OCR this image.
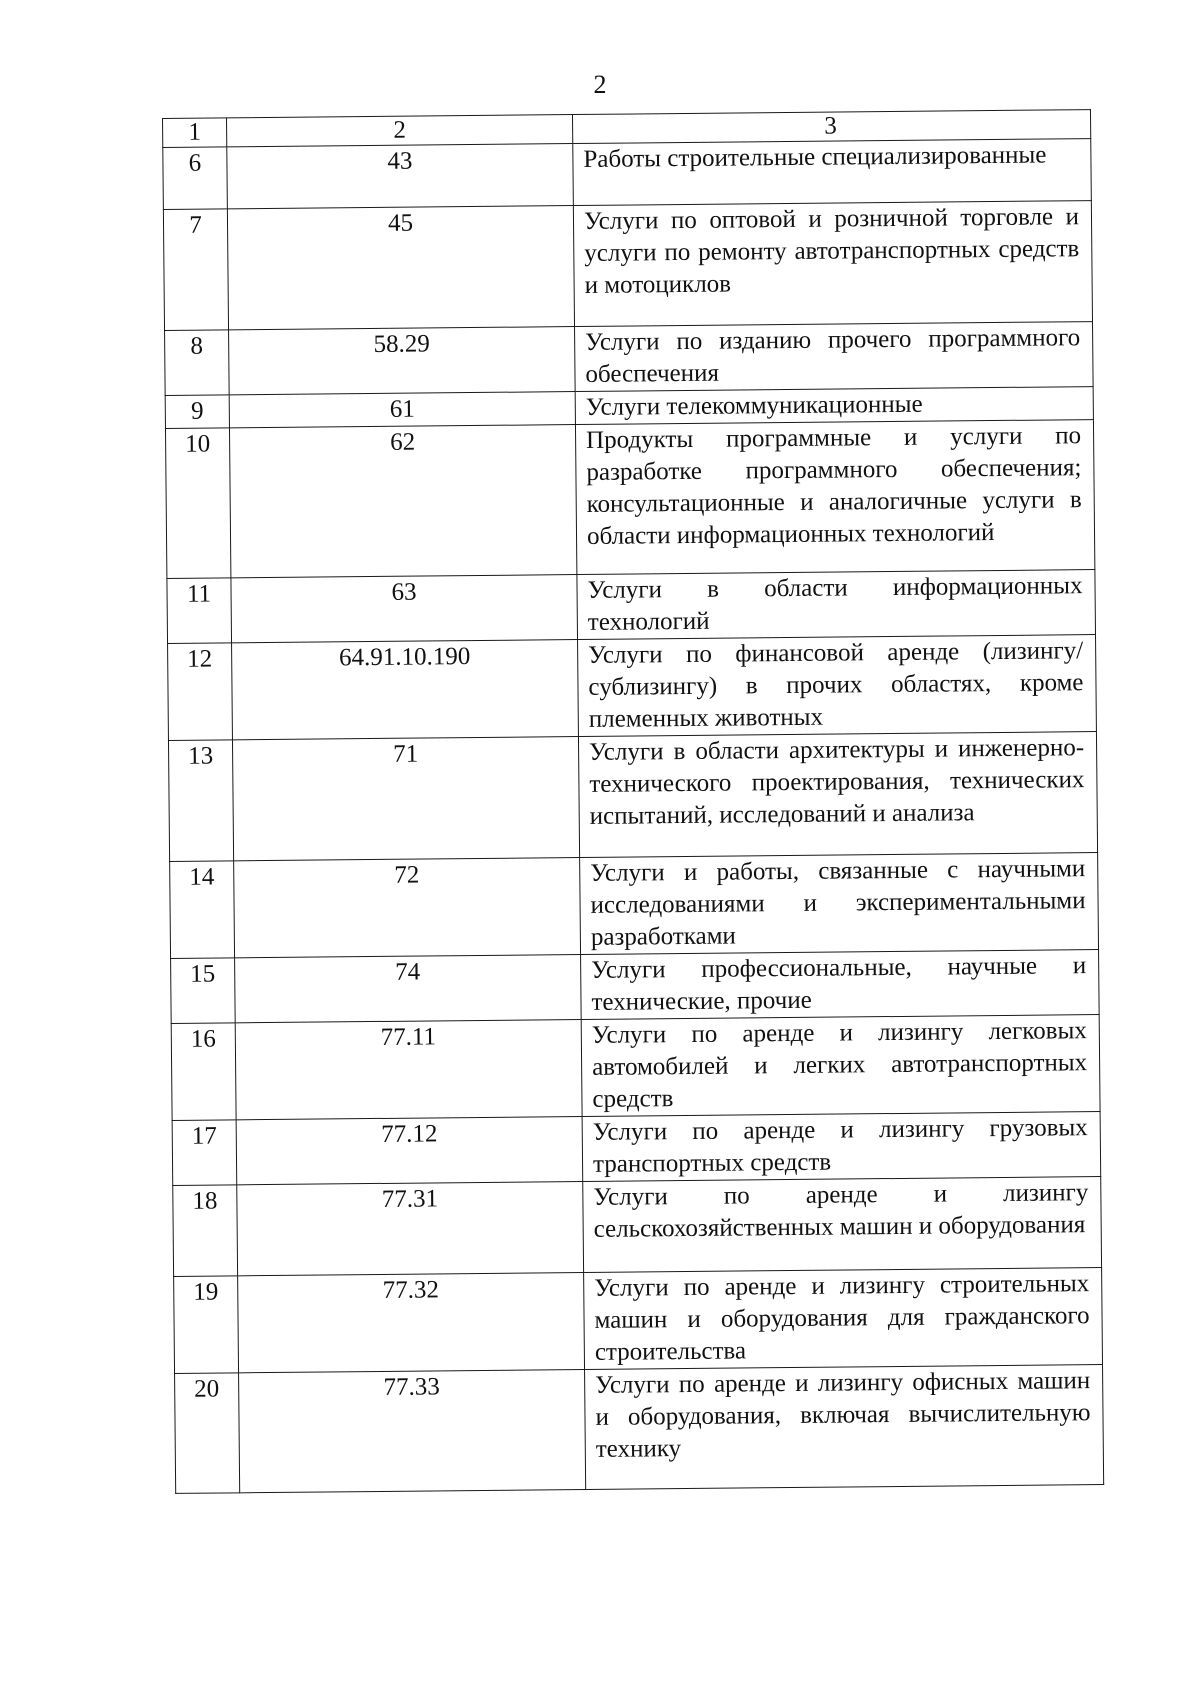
2
1	2	3
6	43	Работы строительные специализированные
7	45	Услуги по оптовой и розничной торговле и услуги по ремонту автотранспортных средств и мотоциклов
8	58.29	Услуги по изданию прочего программного обеспечения
9	61	Услуги телекоммуникационные
10	62	Продукты программные и услуги по разработке программного обеспечения; консультационные и аналогичные услуги в области информационных технологий
11	63	Услуги в области информационных технологий
12	64.91.10.190	Услуги по финансовой аренде (лизингу/сублизингу) в прочих областях, кроме племенных животных
13	71	Услуги в области архитектуры и инженерно-технического проектирования, технических испытаний, исследований и анализа
14	72	Услуги и работы, связанные с научными исследованиями и экспериментальными разработками
15	74	Услуги профессиональные, научные и технические, прочие
16	77.11	Услуги по аренде и лизингу легковых автомобилей и легких автотранспортных средств
17	77.12	Услуги по аренде и лизингу грузовых транспортных средств
18	77.31	Услуги по аренде и лизингу сельскохозяйственных машин и оборудования
19	77.32	Услуги по аренде и лизингу строительных машин и оборудования для гражданского строительства
20	77.33	Услуги по аренде и лизингу офисных машин и оборудования, включая вычислительную технику
